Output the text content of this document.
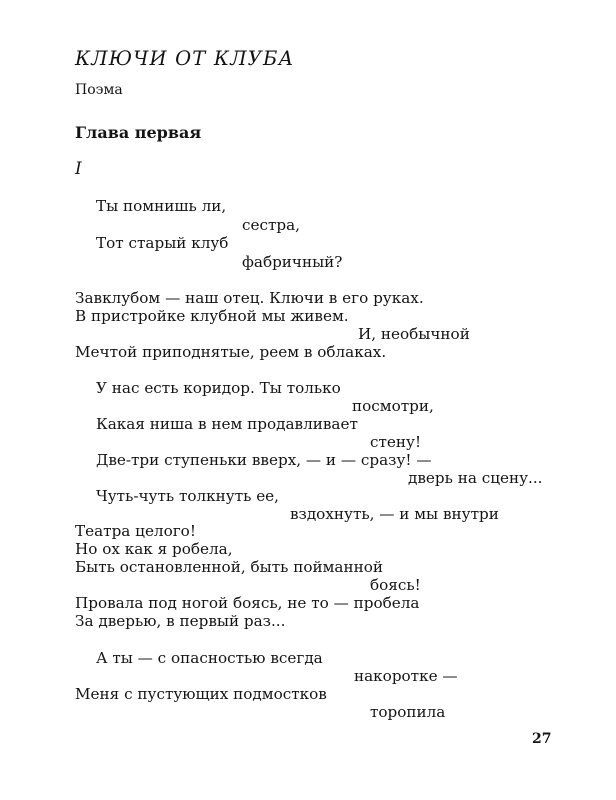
КЛЮЧИ ОТ КЛУБА
Поэма
Глава первая
I
Ты помнишь ли,
сестра,
Тот старый клуб
фабричный?
Завклубом — наш отец. Ключи в его руках.
В пристройке клубной мы живем.
И, необычной
Мечтой приподнятые, реем в облаках.
У нас есть коридор. Ты только
посмотри,
Какая ниша в нем продавливает
стену!
Две-три ступеньки вверх, — и — сразу! —
дверь на сцену...
Чуть-чуть толкнуть ее,
вздохнуть, — и мы внутри
Театра целого!
Но ох как я робела,
Быть остановленной, быть пойманной
боясь!
Провала под ногой боясь, не то — пробела
За дверью, в первый раз...
А ты — с опасностью всегда
накоротке —
Меня с пустующих подмостков
торопила
27
